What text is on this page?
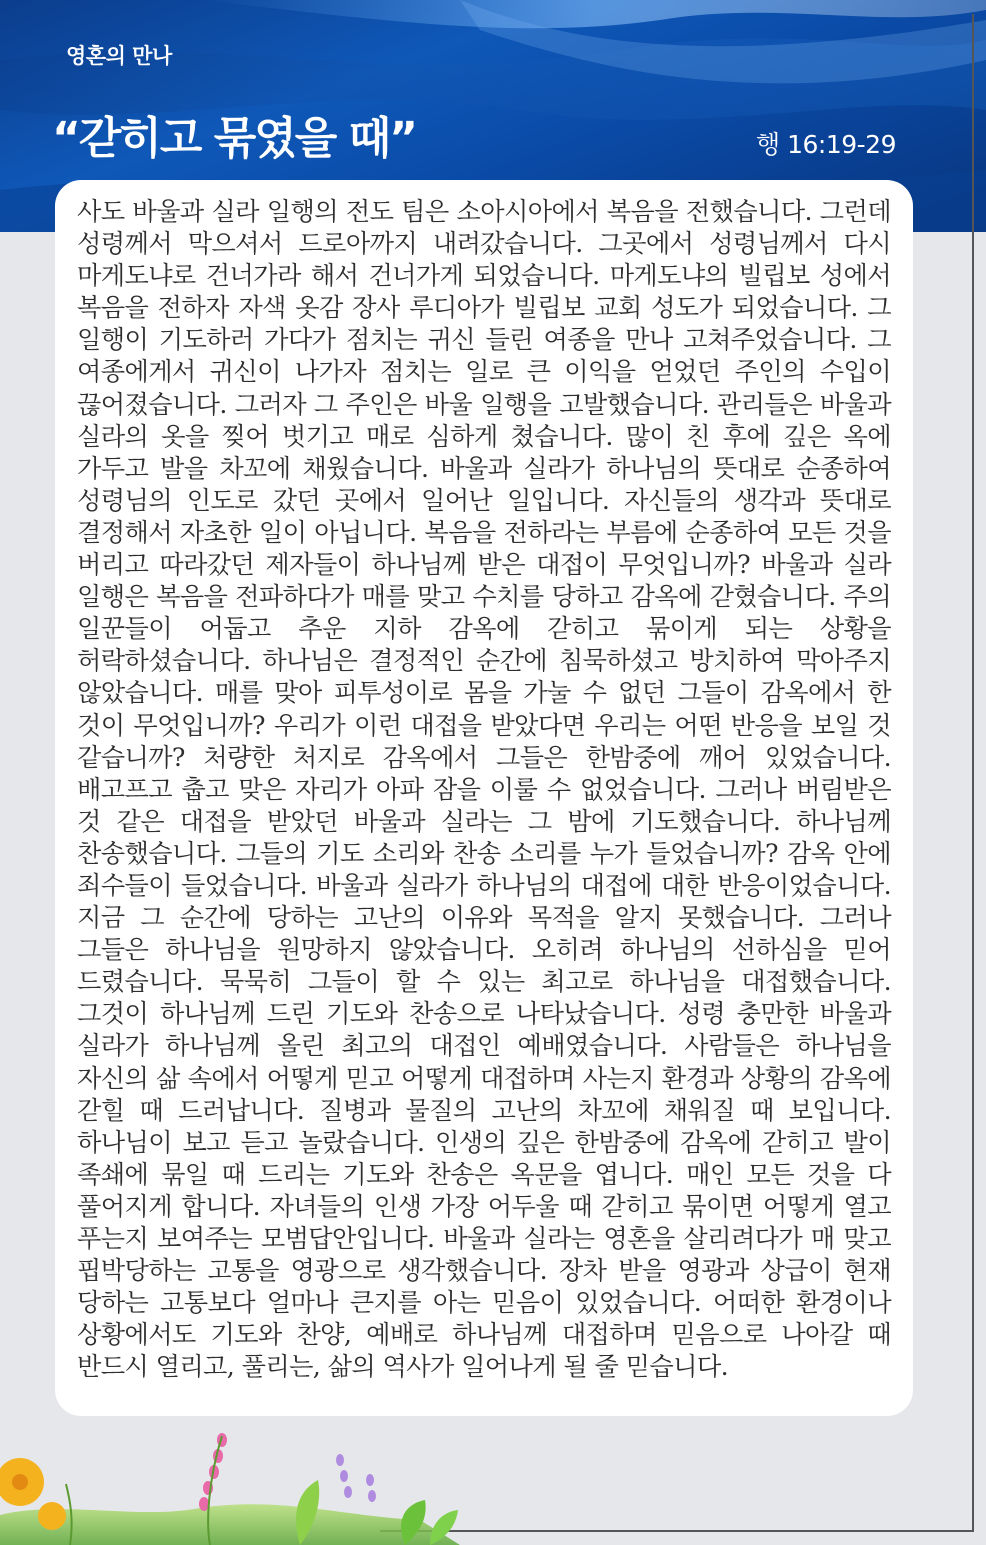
영혼의 만나
“갇히고 묶였을 때”	행 16:19-29

사도 바울과 실라 일행의 전도 팀은 소아시아에서 복음을 전했습니다. 그런데 성령께서 막으셔서 드로아까지 내려갔습니다. 그곳에서 성령님께서 다시 마게도냐로 건너가라 해서 건너가게 되었습니다. 마게도냐의 빌립보 성에서 복음을 전하자 자색 옷감 장사 루디아가 빌립보 교회 성도가 되었습니다. 그 일행이 기도하러 가다가 점치는 귀신 들린 여종을 만나 고쳐주었습니다. 그 여종에게서 귀신이 나가자 점치는 일로 큰 이익을 얻었던 주인의 수입이 끊어졌습니다. 그러자 그 주인은 바울 일행을 고발했습니다. 관리들은 바울과 실라의 옷을 찢어 벗기고 매로 심하게 쳤습니다. 많이 친 후에 깊은 옥에 가두고 발을 차꼬에 채웠습니다. 바울과 실라가 하나님의 뜻대로 순종하여 성령님의 인도로 갔던 곳에서 일어난 일입니다. 자신들의 생각과 뜻대로 결정해서 자초한 일이 아닙니다. 복음을 전하라는 부름에 순종하여 모든 것을 버리고 따라갔던 제자들이 하나님께 받은 대접이 무엇입니까? 바울과 실라 일행은 복음을 전파하다가 매를 맞고 수치를 당하고 감옥에 갇혔습니다. 주의 일꾼들이 어둡고 추운 지하 감옥에 갇히고 묶이게 되는 상황을 허락하셨습니다. 하나님은 결정적인 순간에 침묵하셨고 방치하여 막아주지 않았습니다. 매를 맞아 피투성이로 몸을 가눌 수 없던 그들이 감옥에서 한 것이 무엇입니까? 우리가 이런 대접을 받았다면 우리는 어떤 반응을 보일 것 같습니까? 처량한 처지로 감옥에서 그들은 한밤중에 깨어 있었습니다. 배고프고 춥고 맞은 자리가 아파 잠을 이룰 수 없었습니다. 그러나 버림받은 것 같은 대접을 받았던 바울과 실라는 그 밤에 기도했습니다. 하나님께 찬송했습니다. 그들의 기도 소리와 찬송 소리를 누가 들었습니까? 감옥 안에 죄수들이 들었습니다. 바울과 실라가 하나님의 대접에 대한 반응이었습니다. 지금 그 순간에 당하는 고난의 이유와 목적을 알지 못했습니다. 그러나 그들은 하나님을 원망하지 않았습니다. 오히려 하나님의 선하심을 믿어 드렸습니다. 묵묵히 그들이 할 수 있는 최고로 하나님을 대접했습니다. 그것이 하나님께 드린 기도와 찬송으로 나타났습니다. 성령 충만한 바울과 실라가 하나님께 올린 최고의 대접인 예배였습니다. 사람들은 하나님을 자신의 삶 속에서 어떻게 믿고 어떻게 대접하며 사는지 환경과 상황의 감옥에 갇힐 때 드러납니다. 질병과 물질의 고난의 차꼬에 채워질 때 보입니다. 하나님이 보고 듣고 놀랐습니다. 인생의 깊은 한밤중에 감옥에 갇히고 발이 족쇄에 묶일 때 드리는 기도와 찬송은 옥문을 엽니다. 매인 모든 것을 다 풀어지게 합니다. 자녀들의 인생 가장 어두울 때 갇히고 묶이면 어떻게 열고 푸는지 보여주는 모범답안입니다. 바울과 실라는 영혼을 살리려다가 매 맞고 핍박당하는 고통을 영광으로 생각했습니다. 장차 받을 영광과 상급이 현재 당하는 고통보다 얼마나 큰지를 아는 믿음이 있었습니다. 어떠한 환경이나 상황에서도 기도와 찬양, 예배로 하나님께 대접하며 믿음으로 나아갈 때 반드시 열리고, 풀리는, 삶의 역사가 일어나게 될 줄 믿습니다.
